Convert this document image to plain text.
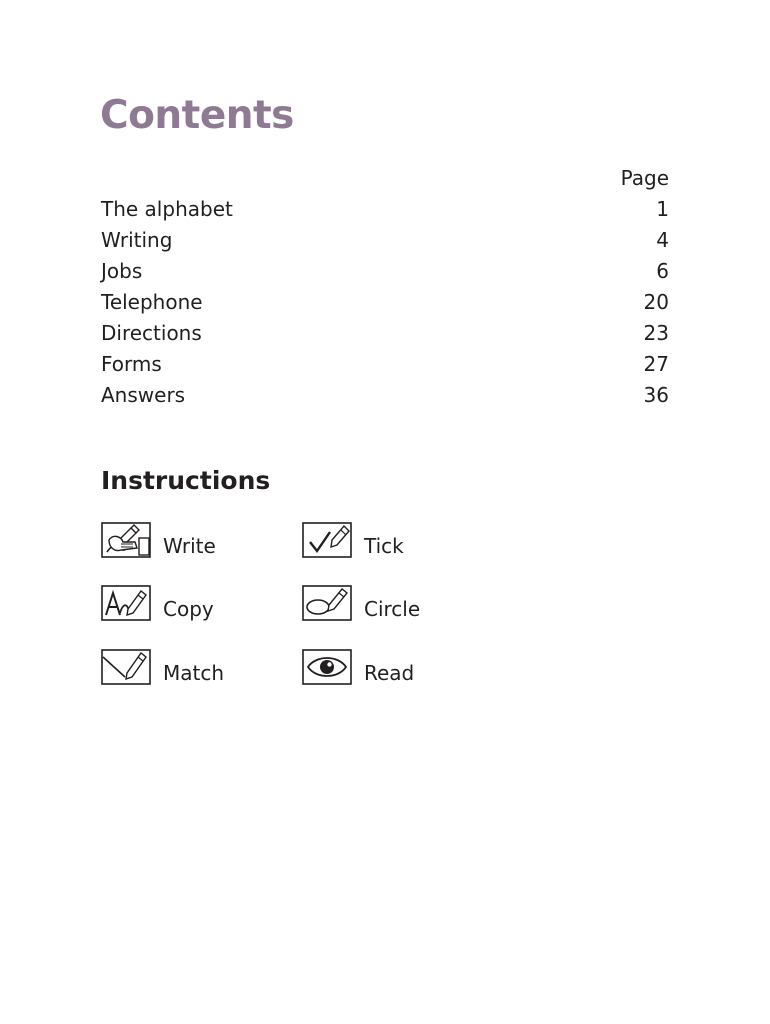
Contents
Page
The alphabet	1
Writing	4
Jobs	6
Telephone	20
Directions	23
Forms	27
Answers	36
Instructions
Write	Tick
Copy	Circle
Match	Read
